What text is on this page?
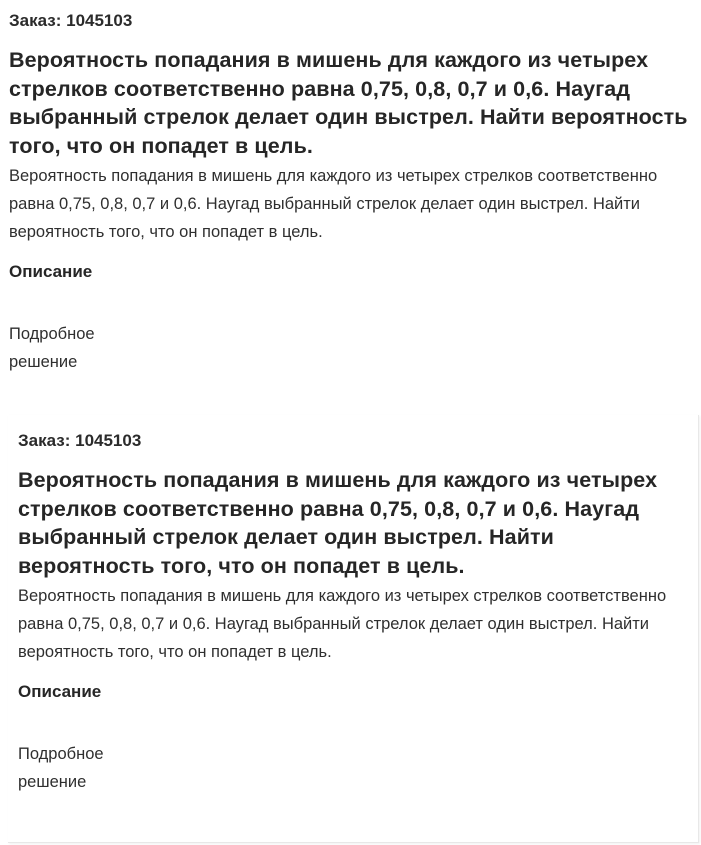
Заказ: 1045103
Вероятность попадания в мишень для каждого из четырех стрелков соответственно равна 0,75, 0,8, 0,7 и 0,6. Наугад выбранный стрелок делает один выстрел. Найти вероятность того, что он попадет в цель.
Вероятность попадания в мишень для каждого из четырех стрелков соответственно равна 0,75, 0,8, 0,7 и 0,6. Наугад выбранный стрелок делает один выстрел. Найти вероятность того, что он попадет в цель.
Описание
Подробное решение
Заказ: 1045103
Вероятность попадания в мишень для каждого из четырех стрелков соответственно равна 0,75, 0,8, 0,7 и 0,6. Наугад выбранный стрелок делает один выстрел. Найти вероятность того, что он попадет в цель.
Вероятность попадания в мишень для каждого из четырех стрелков соответственно равна 0,75, 0,8, 0,7 и 0,6. Наугад выбранный стрелок делает один выстрел. Найти вероятность того, что он попадет в цель.
Описание
Подробное решение
